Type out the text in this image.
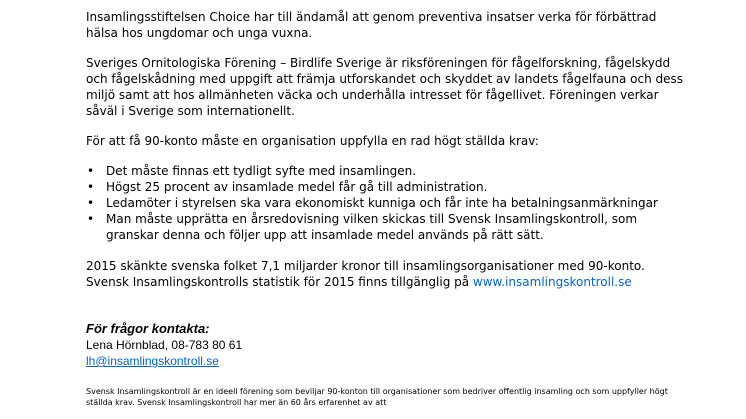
Insamlingsstiftelsen Choice har till ändamål att genom preventiva insatser verka för förbättrad hälsa hos ungdomar och unga vuxna.

Sveriges Ornitologiska Förening – Birdlife Sverige är riksföreningen för fågelforskning, fågelskydd och fågelskådning med uppgift att främja utforskandet och skyddet av landets fågelfauna och dess miljö samt att hos allmänheten väcka och underhålla intresset för fågellivet. Föreningen verkar såväl i Sverige som internationellt.

För att få 90-konto måste en organisation uppfylla en rad högt ställda krav:

• Det måste finnas ett tydligt syfte med insamlingen.
• Högst 25 procent av insamlade medel får gå till administration.
• Ledamöter i styrelsen ska vara ekonomiskt kunniga och får inte ha betalningsanmärkningar
• Man måste upprätta en årsredovisning vilken skickas till Svensk Insamlingskontroll, som granskar denna och följer upp att insamlade medel används på rätt sätt.

2015 skänkte svenska folket 7,1 miljarder kronor till insamlingsorganisationer med 90-konto.
Svensk Insamlingskontrolls statistik för 2015 finns tillgänglig på www.insamlingskontroll.se

För frågor kontakta:
Lena Hörnblad, 08-783 80 61
lh@insamlingskontroll.se
Svensk Insamlingskontroll är en ideell förening som beviljar 90-konton till organisationer som bedriver offentlig insamling och som uppfyller högt ställda krav. Svensk Insamlingskontroll har mer än 60 års erfarenhet av att
